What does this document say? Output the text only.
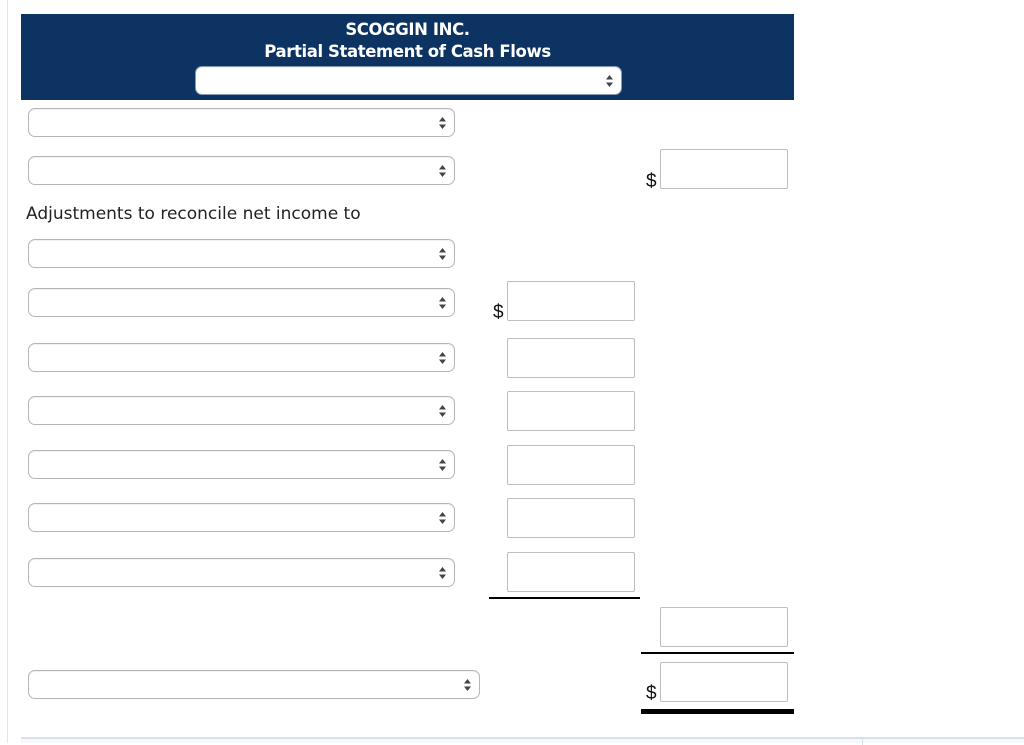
SCOGGIN INC.
Partial Statement of Cash Flows
$
Adjustments to reconcile net income to
$
$
